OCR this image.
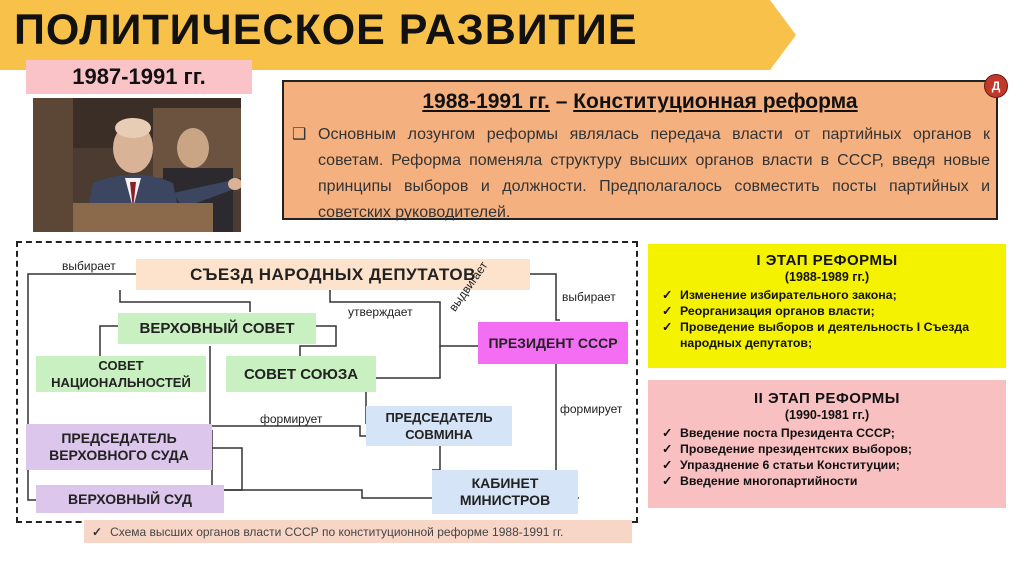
ПОЛИТИЧЕСКОЕ РАЗВИТИЕ
1987-1991 гг.
1988-1991 гг. – Конституционная реформа
❑ Основным лозунгом реформы являлась передача власти от партийных органов к советам. Реформа поменяла структуру высших органов власти в СССР, введя новые принципы выборов и должности. Предполагалось совместить посты партийных и советских руководителей.
Д
СЪЕЗД НАРОДНЫХ ДЕПУТАТОВ
ВЕРХОВНЫЙ СОВЕТ
СОВЕТ НАЦИОНАЛЬНОСТЕЙ	СОВЕТ СОЮЗА
ПРЕЗИДЕНТ СССР
ПРЕДСЕДАТЕЛЬ ВЕРХОВНОГО СУДА
ВЕРХОВНЫЙ СУД
ПРЕДСЕДАТЕЛЬ СОВМИНА
КАБИНЕТ МИНИСТРОВ
выбирает
утверждает	выдвигает	выбирает
формирует
формирует
✓ Схема высших органов власти СССР по конституционной реформе 1988-1991 гг.
I ЭТАП РЕФОРМЫ
(1988-1989 гг.)
✓ Изменение избирательного закона;
✓ Реорганизация органов власти;
✓ Проведение выборов и деятельность I Съезда народных депутатов;
II ЭТАП РЕФОРМЫ
(1990-1981 гг.)
✓ Введение поста Президента СССР;
✓ Проведение президентских выборов;
✓ Упразднение 6 статьи Конституции;
✓ Введение многопартийности
